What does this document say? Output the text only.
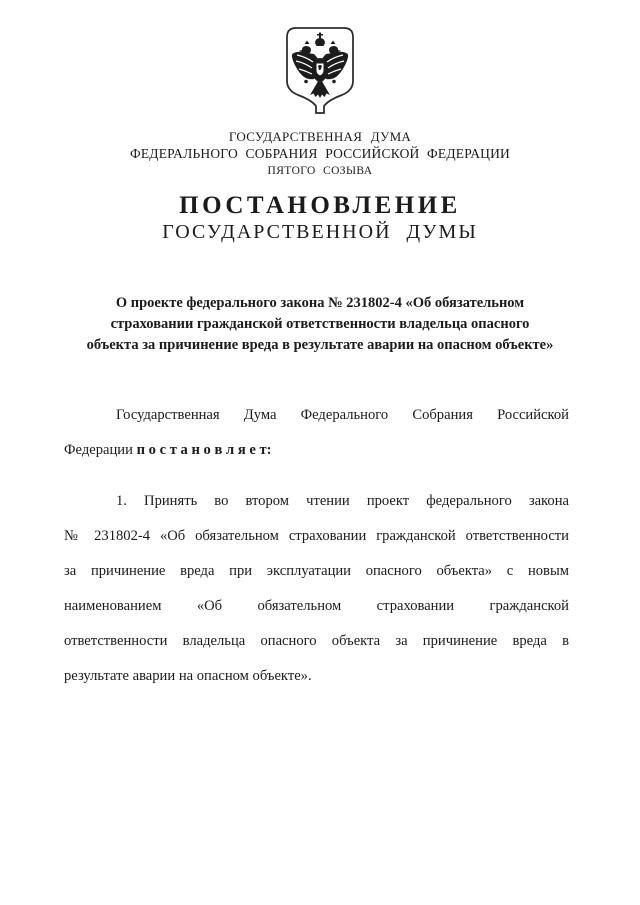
ГОСУДАРСТВЕННАЯ ДУМА
ФЕДЕРАЛЬНОГО СОБРАНИЯ РОССИЙСКОЙ ФЕДЕРАЦИИ
ПЯТОГО СОЗЫВА
ПОСТАНОВЛЕНИЕ
ГОСУДАРСТВЕННОЙ ДУМЫ
О проекте федерального закона № 231802-4 «Об обязательном
страховании гражданской ответственности владельца опасного
объекта за причинение вреда в результате аварии на опасном объекте»
Государственная Дума Федерального Собрания Российской
Федерации п о с т а н о в л я е т:
1. Принять во втором чтении проект федерального закона
№ 231802-4 «Об обязательном страховании гражданской ответственности
за причинение вреда при эксплуатации опасного объекта» с новым
наименованием «Об обязательном страховании гражданской
ответственности владельца опасного объекта за причинение вреда в
результате аварии на опасном объекте».
